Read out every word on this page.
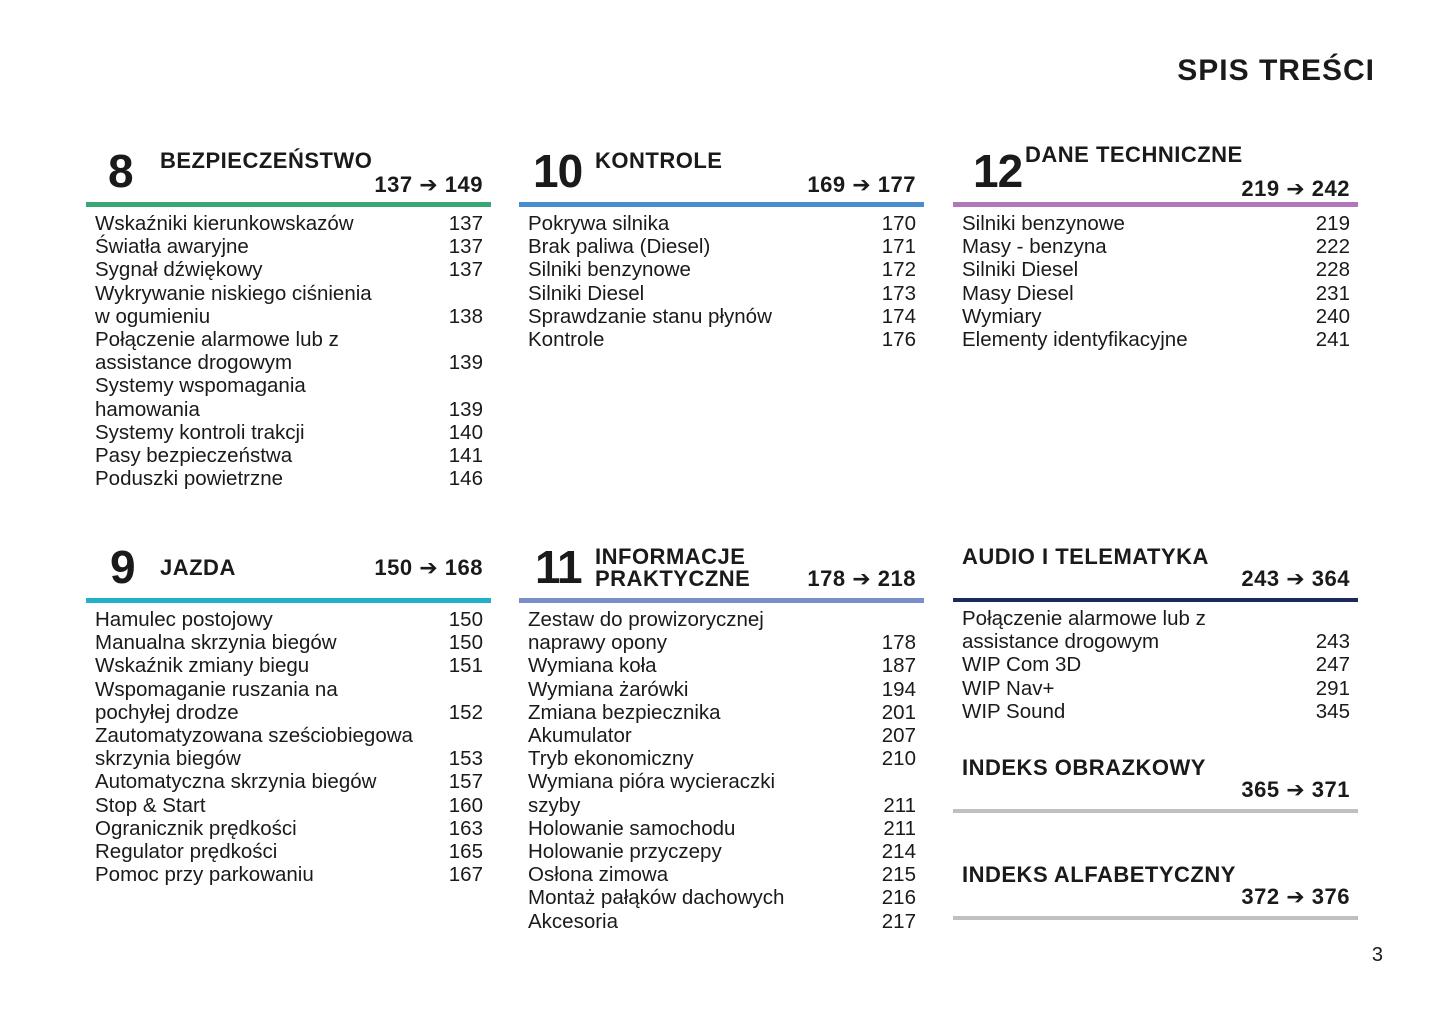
SPIS TREŚCI
8 BEZPIECZEŃSTWO
137 ➔ 149
Wskaźniki kierunkowskazów	137
Światła awaryjne	137
Sygnał dźwiękowy	137
Wykrywanie niskiego ciśnienia
w ogumieniu	138
Połączenie alarmowe lub z
assistance drogowym	139
Systemy wspomagania
hamowania	139
Systemy kontroli trakcji	140
Pasy bezpieczeństwa	141
Poduszki powietrzne	146
10 KONTROLE
169 ➔ 177
Pokrywa silnika	170
Brak paliwa (Diesel)	171
Silniki benzynowe	172
Silniki Diesel	173
Sprawdzanie stanu płynów	174
Kontrole	176
12 DANE TECHNICZNE
219 ➔ 242
Silniki benzynowe	219
Masy - benzyna	222
Silniki Diesel	228
Masy Diesel	231
Wymiary	240
Elementy identyfikacyjne	241
9 JAZDA	150 ➔ 168
Hamulec postojowy	150
Manualna skrzynia biegów	150
Wskaźnik zmiany biegu	151
Wspomaganie ruszania na
pochyłej drodze	152
Zautomatyzowana sześciobiegowa
skrzynia biegów	153
Automatyczna skrzynia biegów	157
Stop & Start	160
Ogranicznik prędkości	163
Regulator prędkości	165
Pomoc przy parkowaniu	167
11 INFORMACJE
PRAKTYCZNE	178 ➔ 218
Zestaw do prowizorycznej
naprawy opony	178
Wymiana koła	187
Wymiana żarówki	194
Zmiana bezpiecznika	201
Akumulator	207
Tryb ekonomiczny	210
Wymiana pióra wycieraczki
szyby	211
Holowanie samochodu	211
Holowanie przyczepy	214
Osłona zimowa	215
Montaż pałąków dachowych	216
Akcesoria	217
AUDIO I TELEMATYKA
243 ➔ 364
Połączenie alarmowe lub z
assistance drogowym	243
WIP Com 3D	247
WIP Nav+	291
WIP Sound	345
INDEKS OBRAZKOWY
365 ➔ 371
INDEKS ALFABETYCZNY
372 ➔ 376
3
